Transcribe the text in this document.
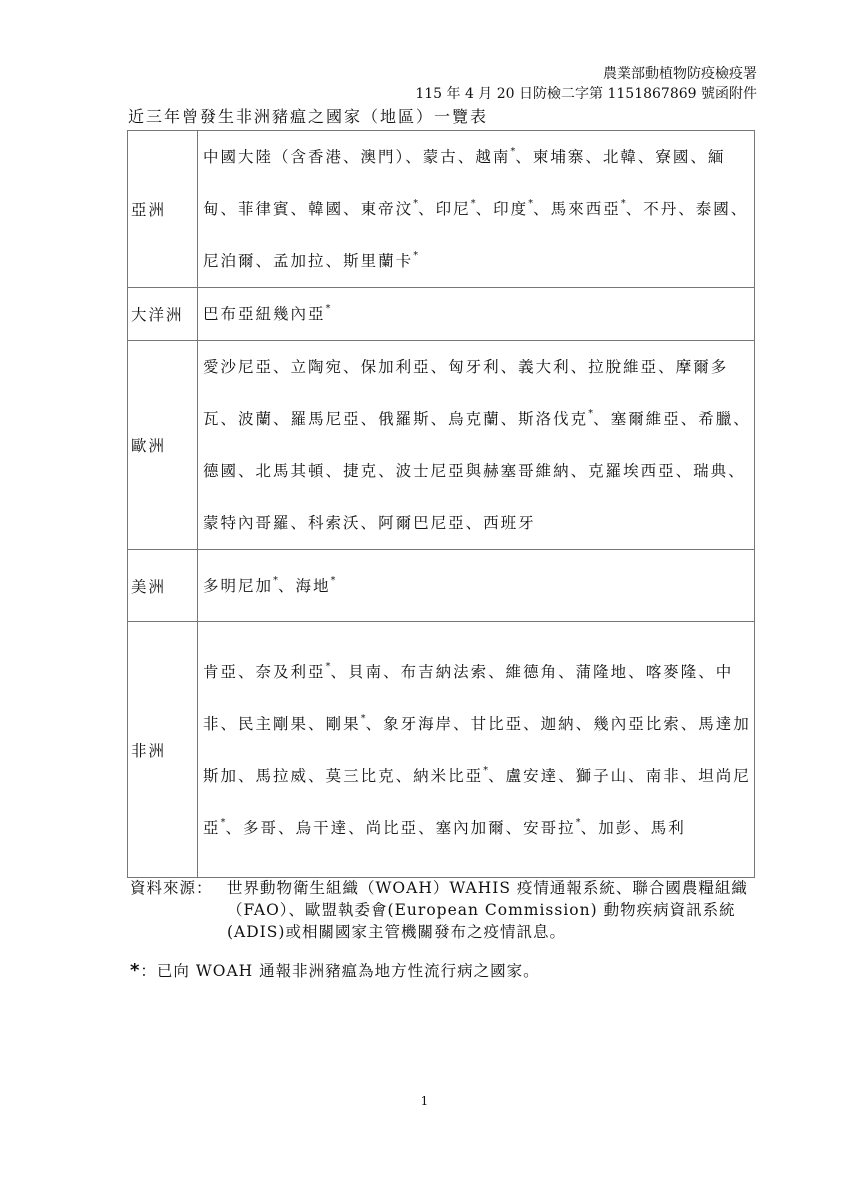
農業部動植物防疫檢疫署
115 年 4 月 20 日防檢二字第 1151867869 號函附件
近三年曾發生非洲豬瘟之國家（地區）一覽表
亞洲	中國大陸（含香港、澳門）、蒙古、越南*、柬埔寨、北韓、寮國、緬甸、菲律賓、韓國、東帝汶*、印尼*、印度*、馬來西亞*、不丹、泰國、尼泊爾、孟加拉、斯里蘭卡*
大洋洲	巴布亞紐幾內亞*
歐洲	愛沙尼亞、立陶宛、保加利亞、匈牙利、義大利、拉脫維亞、摩爾多瓦、波蘭、羅馬尼亞、俄羅斯、烏克蘭、斯洛伐克*、塞爾維亞、希臘、德國、北馬其頓、捷克、波士尼亞與赫塞哥維納、克羅埃西亞、瑞典、蒙特內哥羅、科索沃、阿爾巴尼亞、西班牙
美洲	多明尼加*、海地*
非洲	肯亞、奈及利亞*、貝南、布吉納法索、維德角、蒲隆地、喀麥隆、中非、民主剛果、剛果*、象牙海岸、甘比亞、迦納、幾內亞比索、馬達加斯加、馬拉威、莫三比克、納米比亞*、盧安達、獅子山、南非、坦尚尼亞*、多哥、烏干達、尚比亞、塞內加爾、安哥拉*、加彭、馬利
資料來源： 世界動物衛生組織（WOAH）WAHIS 疫情通報系統、聯合國農糧組織（FAO）、歐盟執委會(European Commission) 動物疾病資訊系統 (ADIS)或相關國家主管機關發布之疫情訊息。
*：已向 WOAH 通報非洲豬瘟為地方性流行病之國家。
1
